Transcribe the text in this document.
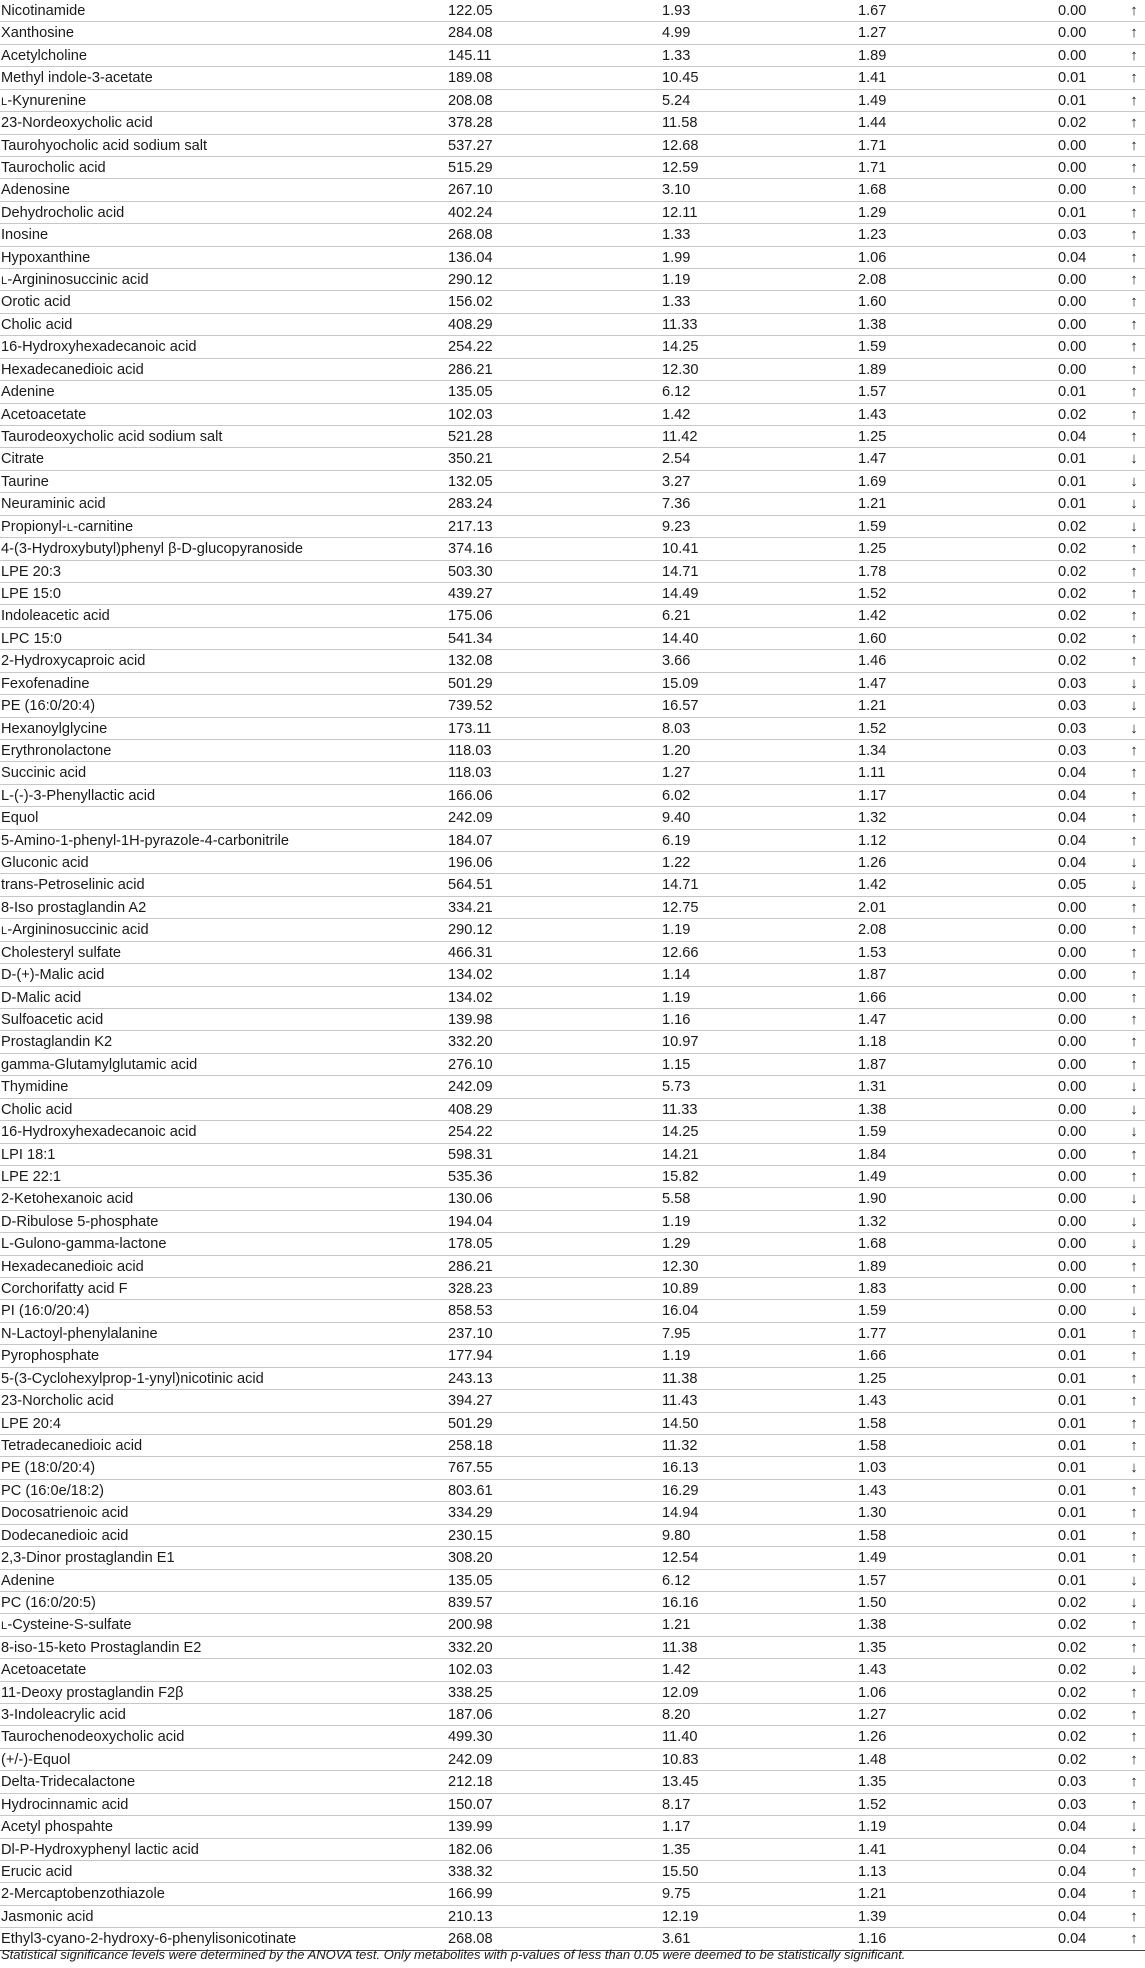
Nicotinamide	122.05	1.93	1.67	0.00	↑
Xanthosine	284.08	4.99	1.27	0.00	↑
Acetylcholine	145.11	1.33	1.89	0.00	↑
Methyl indole-3-acetate	189.08	10.45	1.41	0.01	↑
L-Kynurenine	208.08	5.24	1.49	0.01	↑
23-Nordeoxycholic acid	378.28	11.58	1.44	0.02	↑
Taurohyocholic acid sodium salt	537.27	12.68	1.71	0.00	↑
Taurocholic acid	515.29	12.59	1.71	0.00	↑
Adenosine	267.10	3.10	1.68	0.00	↑
Dehydrocholic acid	402.24	12.11	1.29	0.01	↑
Inosine	268.08	1.33	1.23	0.03	↑
Hypoxanthine	136.04	1.99	1.06	0.04	↑
L-Argininosuccinic acid	290.12	1.19	2.08	0.00	↑
Orotic acid	156.02	1.33	1.60	0.00	↑
Cholic acid	408.29	11.33	1.38	0.00	↑
16-Hydroxyhexadecanoic acid	254.22	14.25	1.59	0.00	↑
Hexadecanedioic acid	286.21	12.30	1.89	0.00	↑
Adenine	135.05	6.12	1.57	0.01	↑
Acetoacetate	102.03	1.42	1.43	0.02	↑
Taurodeoxycholic acid sodium salt	521.28	11.42	1.25	0.04	↑
Citrate	350.21	2.54	1.47	0.01	↓
Taurine	132.05	3.27	1.69	0.01	↓
Neuraminic acid	283.24	7.36	1.21	0.01	↓
Propionyl-L-carnitine	217.13	9.23	1.59	0.02	↓
4-(3-Hydroxybutyl)phenyl β-D-glucopyranoside	374.16	10.41	1.25	0.02	↑
LPE 20:3	503.30	14.71	1.78	0.02	↑
LPE 15:0	439.27	14.49	1.52	0.02	↑
Indoleacetic acid	175.06	6.21	1.42	0.02	↑
LPC 15:0	541.34	14.40	1.60	0.02	↑
2-Hydroxycaproic acid	132.08	3.66	1.46	0.02	↑
Fexofenadine	501.29	15.09	1.47	0.03	↓
PE (16:0/20:4)	739.52	16.57	1.21	0.03	↓
Hexanoylglycine	173.11	8.03	1.52	0.03	↓
Erythronolactone	118.03	1.20	1.34	0.03	↑
Succinic acid	118.03	1.27	1.11	0.04	↑
L-(-)-3-Phenyllactic acid	166.06	6.02	1.17	0.04	↑
Equol	242.09	9.40	1.32	0.04	↑
5-Amino-1-phenyl-1H-pyrazole-4-carbonitrile	184.07	6.19	1.12	0.04	↑
Gluconic acid	196.06	1.22	1.26	0.04	↓
trans-Petroselinic acid	564.51	14.71	1.42	0.05	↓
8-Iso prostaglandin A2	334.21	12.75	2.01	0.00	↑
L-Argininosuccinic acid	290.12	1.19	2.08	0.00	↑
Cholesteryl sulfate	466.31	12.66	1.53	0.00	↑
D-(+)-Malic acid	134.02	1.14	1.87	0.00	↑
D-Malic acid	134.02	1.19	1.66	0.00	↑
Sulfoacetic acid	139.98	1.16	1.47	0.00	↑
Prostaglandin K2	332.20	10.97	1.18	0.00	↑
gamma-Glutamylglutamic acid	276.10	1.15	1.87	0.00	↑
Thymidine	242.09	5.73	1.31	0.00	↓
Cholic acid	408.29	11.33	1.38	0.00	↓
16-Hydroxyhexadecanoic acid	254.22	14.25	1.59	0.00	↓
LPI 18:1	598.31	14.21	1.84	0.00	↑
LPE 22:1	535.36	15.82	1.49	0.00	↑
2-Ketohexanoic acid	130.06	5.58	1.90	0.00	↓
D-Ribulose 5-phosphate	194.04	1.19	1.32	0.00	↓
L-Gulono-gamma-lactone	178.05	1.29	1.68	0.00	↓
Hexadecanedioic acid	286.21	12.30	1.89	0.00	↑
Corchorifatty acid F	328.23	10.89	1.83	0.00	↑
PI (16:0/20:4)	858.53	16.04	1.59	0.00	↓
N-Lactoyl-phenylalanine	237.10	7.95	1.77	0.01	↑
Pyrophosphate	177.94	1.19	1.66	0.01	↑
5-(3-Cyclohexylprop-1-ynyl)nicotinic acid	243.13	11.38	1.25	0.01	↑
23-Norcholic acid	394.27	11.43	1.43	0.01	↑
LPE 20:4	501.29	14.50	1.58	0.01	↑
Tetradecanedioic acid	258.18	11.32	1.58	0.01	↑
PE (18:0/20:4)	767.55	16.13	1.03	0.01	↓
PC (16:0e/18:2)	803.61	16.29	1.43	0.01	↑
Docosatrienoic acid	334.29	14.94	1.30	0.01	↑
Dodecanedioic acid	230.15	9.80	1.58	0.01	↑
2,3-Dinor prostaglandin E1	308.20	12.54	1.49	0.01	↑
Adenine	135.05	6.12	1.57	0.01	↓
PC (16:0/20:5)	839.57	16.16	1.50	0.02	↓
L-Cysteine-S-sulfate	200.98	1.21	1.38	0.02	↑
8-iso-15-keto Prostaglandin E2	332.20	11.38	1.35	0.02	↑
Acetoacetate	102.03	1.42	1.43	0.02	↓
11-Deoxy prostaglandin F2β	338.25	12.09	1.06	0.02	↑
3-Indoleacrylic acid	187.06	8.20	1.27	0.02	↑
Taurochenodeoxycholic acid	499.30	11.40	1.26	0.02	↑
(+/-)-Equol	242.09	10.83	1.48	0.02	↑
Delta-Tridecalactone	212.18	13.45	1.35	0.03	↑
Hydrocinnamic acid	150.07	8.17	1.52	0.03	↑
Acetyl phospahte	139.99	1.17	1.19	0.04	↓
Dl-P-Hydroxyphenyl lactic acid	182.06	1.35	1.41	0.04	↑
Erucic acid	338.32	15.50	1.13	0.04	↑
2-Mercaptobenzothiazole	166.99	9.75	1.21	0.04	↑
Jasmonic acid	210.13	12.19	1.39	0.04	↑
Ethyl3-cyano-2-hydroxy-6-phenylisonicotinate	268.08	3.61	1.16	0.04	↑
Statistical significance levels were determined by the ANOVA test. Only metabolites with p-values of less than 0.05 were deemed to be statistically significant.
